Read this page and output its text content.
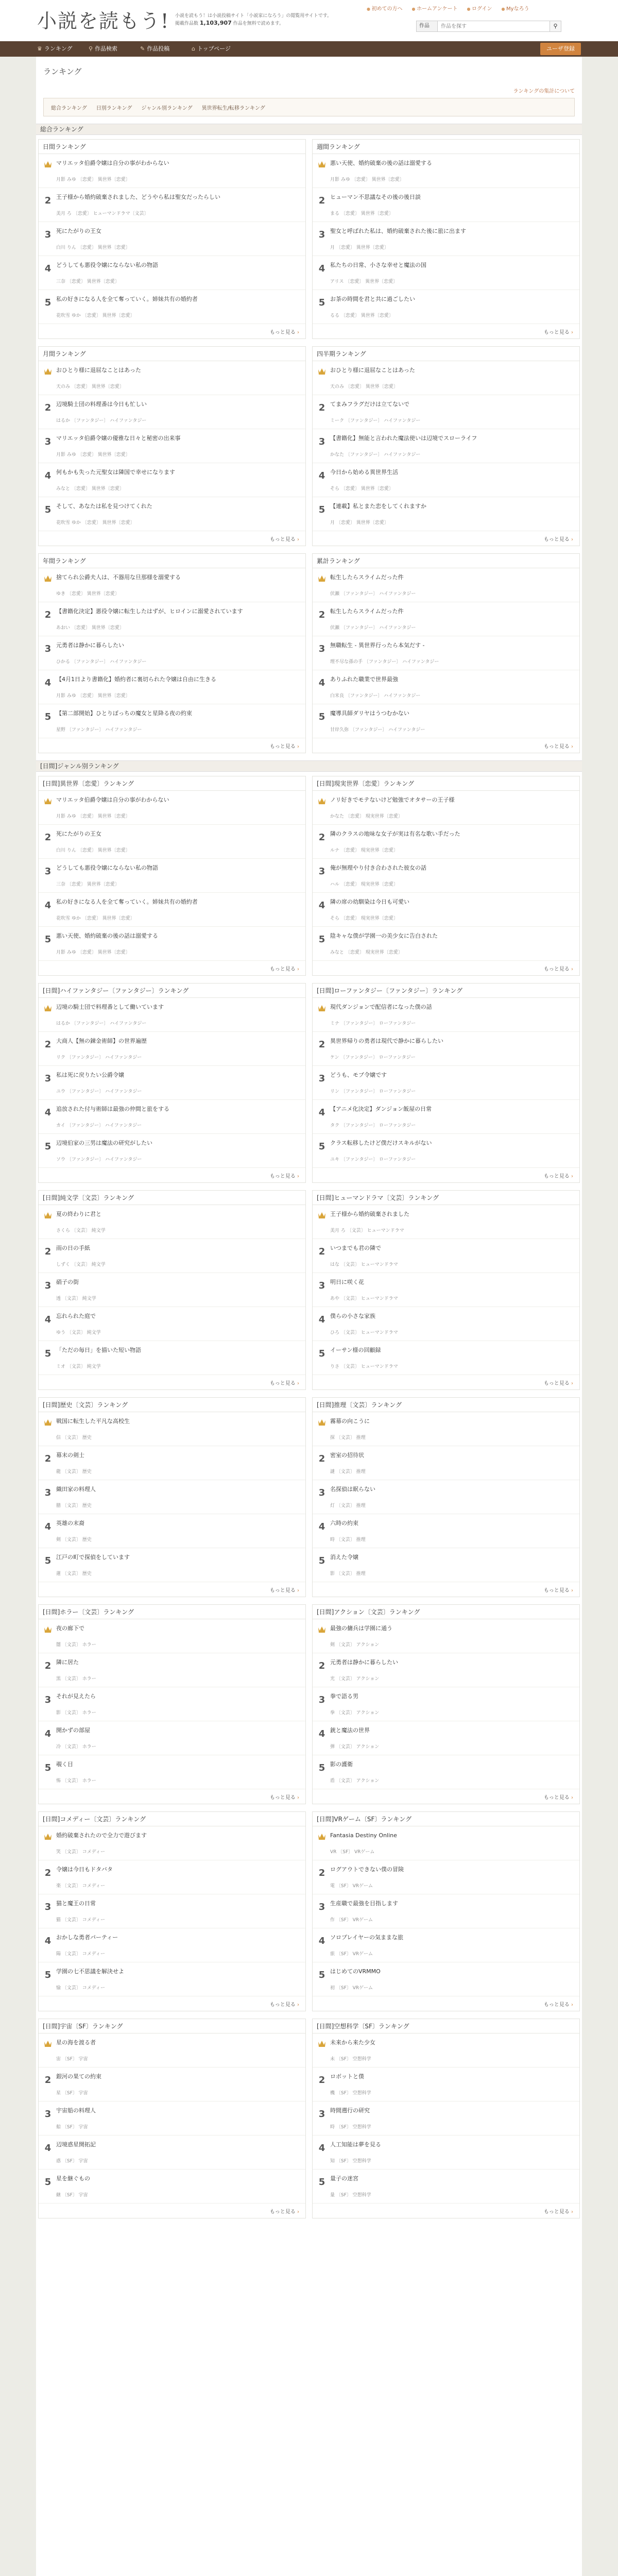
小説を読もう! 小説を読もう！は小説投稿サイト「小説家になろう」の閲覧用サイトです。
掲載作品数 1,103,907 作品を無料で読めます。
● 初めての方へ	● ホームアンケート	● ログイン	● Myなろう
作品
作品を探す	⚲
♛ ランキング	⚲ 作品検索	✎ 作品投稿	⌂ トップページ	ユーザ登録
ランキング
ランキングの集計について
総合ランキング 日別ランキング ジャンル別ランキング 異世界転生/転移ランキング
総合ランキング
日間ランキング
マリエッタ伯爵令嬢は自分の事がわからない
月影 みゆ 〔恋愛〕 異世界〔恋愛〕
2 王子様から婚約破棄されました、どうやら私は聖女だったらしい
美月 ろ 〔恋愛〕 ヒューマンドラマ〔文芸〕
3 死にたがりの王女
白川 りん 〔恋愛〕 異世界〔恋愛〕
4 どうしても悪役令嬢にならない私の物語
三奈 〔恋愛〕 異世界〔恋愛〕
5 私の好きになる人を全て奪っていく。姉妹共有の婚約者
花吹雪 ゆか 〔恋愛〕 異世界〔恋愛〕
もっと見る ›
週間ランキング
悪い天使、婚約破棄の後の話は溺愛する
月影 みゆ 〔恋愛〕 異世界〔恋愛〕
2 ヒューマン不思議なその後の後日談
まる 〔恋愛〕 異世界〔恋愛〕
3 聖女と呼ばれた私は、婚約破棄された後に旅に出ます
月 〔恋愛〕 異世界〔恋愛〕
4 私たちの日常、小さな幸せと魔法の国
アリス 〔恋愛〕 異世界〔恋愛〕
5 お茶の時間を君と共に過ごしたい
るる 〔恋愛〕 異世界〔恋愛〕
もっと見る ›
月間ランキング
おひとり様に退屈なことはあった
天のみ 〔恋愛〕 異世界〔恋愛〕
2 辺境騎士団の料理番は今日も忙しい
はるか 〔ファンタジー〕 ハイファンタジー
3 マリエッタ伯爵令嬢の優雅な日々と秘密の出来事
月影 みゆ 〔恋愛〕 異世界〔恋愛〕
4 何もかも失った元聖女は隣国で幸せになります
みなと 〔恋愛〕 異世界〔恋愛〕
5 そして、あなたは私を見つけてくれた
花吹雪 ゆか 〔恋愛〕 異世界〔恋愛〕
もっと見る ›
四半期ランキング
おひとり様に退屈なことはあった
天のみ 〔恋愛〕 異世界〔恋愛〕
2 てまみフラグだけは立てないで
ミーク 〔ファンタジー〕 ハイファンタジー
3 【書籍化】無能と言われた魔法使いは辺境でスローライフ
かなた 〔ファンタジー〕 ハイファンタジー
4 今日から始める異世界生活
そら 〔恋愛〕 異世界〔恋愛〕
5 【連載】私とまた恋をしてくれますか
月 〔恋愛〕 異世界〔恋愛〕
もっと見る ›
年間ランキング
捨てられ公爵夫人は、不器用な旦那様を溺愛する
ゆき 〔恋愛〕 異世界〔恋愛〕
2 【書籍化決定】悪役令嬢に転生したはずが、ヒロインに溺愛されています
あおい 〔恋愛〕 異世界〔恋愛〕
3 元勇者は静かに暮らしたい
ひかる 〔ファンタジー〕 ハイファンタジー
4 【4月1日より書籍化】婚約者に裏切られた令嬢は自由に生きる
月影 みゆ 〔恋愛〕 異世界〔恋愛〕
5 【第二部開始】ひとりぼっちの魔女と星降る夜の約束
星野 〔ファンタジー〕 ハイファンタジー
もっと見る ›
累計ランキング
転生したらスライムだった件
伏瀬 〔ファンタジー〕 ハイファンタジー
2 転生したらスライムだった件
伏瀬 〔ファンタジー〕 ハイファンタジー
3 無職転生 - 異世界行ったら本気だす -
理不尽な孫の手 〔ファンタジー〕 ハイファンタジー
4 ありふれた職業で世界最強
白米良 〔ファンタジー〕 ハイファンタジー
5 魔導具師ダリヤはうつむかない
甘岸久弥 〔ファンタジー〕 ハイファンタジー
もっと見る ›
[日間]ジャンル別ランキング
[日間]異世界〔恋愛〕ランキング
マリエッタ伯爵令嬢は自分の事がわからない
月影 みゆ 〔恋愛〕 異世界〔恋愛〕
2 死にたがりの王女
白川 りん 〔恋愛〕 異世界〔恋愛〕
3 どうしても悪役令嬢にならない私の物語
三奈 〔恋愛〕 異世界〔恋愛〕
4 私の好きになる人を全て奪っていく。姉妹共有の婚約者
花吹雪 ゆか 〔恋愛〕 異世界〔恋愛〕
5 悪い天使、婚約破棄の後の話は溺愛する
月影 みゆ 〔恋愛〕 異世界〔恋愛〕
もっと見る ›
[日間]現実世界〔恋愛〕ランキング
ノリ好きでモテないけど勉強でオタサーの王子様
かなた 〔恋愛〕 現実世界〔恋愛〕
2 隣のクラスの地味な女子が実は有名な歌い手だった
ルナ 〔恋愛〕 現実世界〔恋愛〕
3 俺が無理やり付き合わされた彼女の話
ハル 〔恋愛〕 現実世界〔恋愛〕
4 隣の席の幼馴染は今日も可愛い
そら 〔恋愛〕 現実世界〔恋愛〕
5 陰キャな僕が学園一の美少女に告白された
みなと 〔恋愛〕 現実世界〔恋愛〕
もっと見る ›
[日間]ハイファンタジー〔ファンタジー〕ランキング
辺境の騎士団で料理番として働いています
はるか 〔ファンタジー〕 ハイファンタジー
2 大商人【無の錬金術師】の世界遍歴
リク 〔ファンタジー〕 ハイファンタジー
3 私は死に戻りたい公爵令嬢
ユウ 〔ファンタジー〕 ハイファンタジー
4 追放された付与術師は最強の仲間と旅をする
カイ 〔ファンタジー〕 ハイファンタジー
5 辺境伯家の三男は魔法の研究がしたい
ソウ 〔ファンタジー〕 ハイファンタジー
もっと見る ›
[日間]ローファンタジー〔ファンタジー〕ランキング
現代ダンジョンで配信者になった僕の話
ミナ 〔ファンタジー〕 ローファンタジー
2 異世界帰りの勇者は現代で静かに暮らしたい
ケン 〔ファンタジー〕 ローファンタジー
3 どうも、モブ令嬢です
リン 〔ファンタジー〕 ローファンタジー
4 【アニメ化決定】ダンジョン飯屋の日常
タク 〔ファンタジー〕 ローファンタジー
5 クラス転移したけど僕だけスキルがない
ユキ 〔ファンタジー〕 ローファンタジー
もっと見る ›
[日間]純文学〔文芸〕ランキング
夏の終わりに君と
さくら 〔文芸〕 純文学
2 雨の日の手紙
しずく 〔文芸〕 純文学
3 硝子の街
透 〔文芸〕 純文学
4 忘れられた庭で
ゆう 〔文芸〕 純文学
5 「ただの毎日」を描いた短い物語
ミオ 〔文芸〕 純文学
もっと見る ›
[日間]ヒューマンドラマ〔文芸〕ランキング
王子様から婚約破棄されました
美月 ろ 〔文芸〕 ヒューマンドラマ
2 いつまでも君の隣で
はな 〔文芸〕 ヒューマンドラマ
3 明日に咲く花
あや 〔文芸〕 ヒューマンドラマ
4 僕らの小さな家族
ひろ 〔文芸〕 ヒューマンドラマ
5 イーサン様の回顧録
りさ 〔文芸〕 ヒューマンドラマ
もっと見る ›
[日間]歴史〔文芸〕ランキング
戦国に転生した平凡な高校生
信 〔文芸〕 歴史
2 幕末の剣士
龍 〔文芸〕 歴史
3 織田家の料理人
膳 〔文芸〕 歴史
4 英雄の末裔
剣 〔文芸〕 歴史
5 江戸の町で探偵をしています
蓮 〔文芸〕 歴史
もっと見る ›
[日間]推理〔文芸〕ランキング
霧幕の向こうに
探 〔文芸〕 推理
2 密室の招待状
謎 〔文芸〕 推理
3 名探偵は眠らない
灯 〔文芸〕 推理
4 六時の約束
時 〔文芸〕 推理
5 消えた令嬢
影 〔文芸〕 推理
もっと見る ›
[日間]ホラー〔文芸〕ランキング
夜の廊下で
闇 〔文芸〕 ホラー
2 隣に居た
黒 〔文芸〕 ホラー
3 それが見えたら
影 〔文芸〕 ホラー
4 開かずの部屋
冷 〔文芸〕 ホラー
5 覗く目
怖 〔文芸〕 ホラー
もっと見る ›
[日間]アクション〔文芸〕ランキング
最強の傭兵は学園に通う
剣 〔文芸〕 アクション
2 元勇者は静かに暮らしたい
光 〔文芸〕 アクション
3 拳で語る男
拳 〔文芸〕 アクション
4 銃と魔法の世界
弾 〔文芸〕 アクション
5 影の護衛
盾 〔文芸〕 アクション
もっと見る ›
[日間]コメディー〔文芸〕ランキング
婚約破棄されたので全力で遊びます
笑 〔文芸〕 コメディー
2 令嬢は今日もドタバタ
楽 〔文芸〕 コメディー
3 猫と魔王の日常
猫 〔文芸〕 コメディー
4 おかしな勇者パーティー
陽 〔文芸〕 コメディー
5 学園の七不思議を解決せよ
愉 〔文芸〕 コメディー
もっと見る ›
[日間]VRゲーム〔SF〕ランキング
Fantasia Destiny Online
VR 〔SF〕 VRゲーム
2 ログアウトできない僕の冒険
電 〔SF〕 VRゲーム
3 生産職で最強を目指します
作 〔SF〕 VRゲーム
4 ソロプレイヤーの気ままな旅
旅 〔SF〕 VRゲーム
5 はじめてのVRMMO
初 〔SF〕 VRゲーム
もっと見る ›
[日間]宇宙〔SF〕ランキング
星の海を渡る者
宙 〔SF〕 宇宙
2 銀河の果ての約束
星 〔SF〕 宇宙
3 宇宙船の料理人
船 〔SF〕 宇宙
4 辺境惑星開拓記
惑 〔SF〕 宇宙
5 星を継ぐもの
継 〔SF〕 宇宙
もっと見る ›
[日間]空想科学〔SF〕ランキング
未来から来た少女
未 〔SF〕 空想科学
2 ロボットと僕
機 〔SF〕 空想科学
3 時間遡行の研究
時 〔SF〕 空想科学
4 人工知能は夢を見る
知 〔SF〕 空想科学
5 量子の迷宮
量 〔SF〕 空想科学
もっと見る ›
